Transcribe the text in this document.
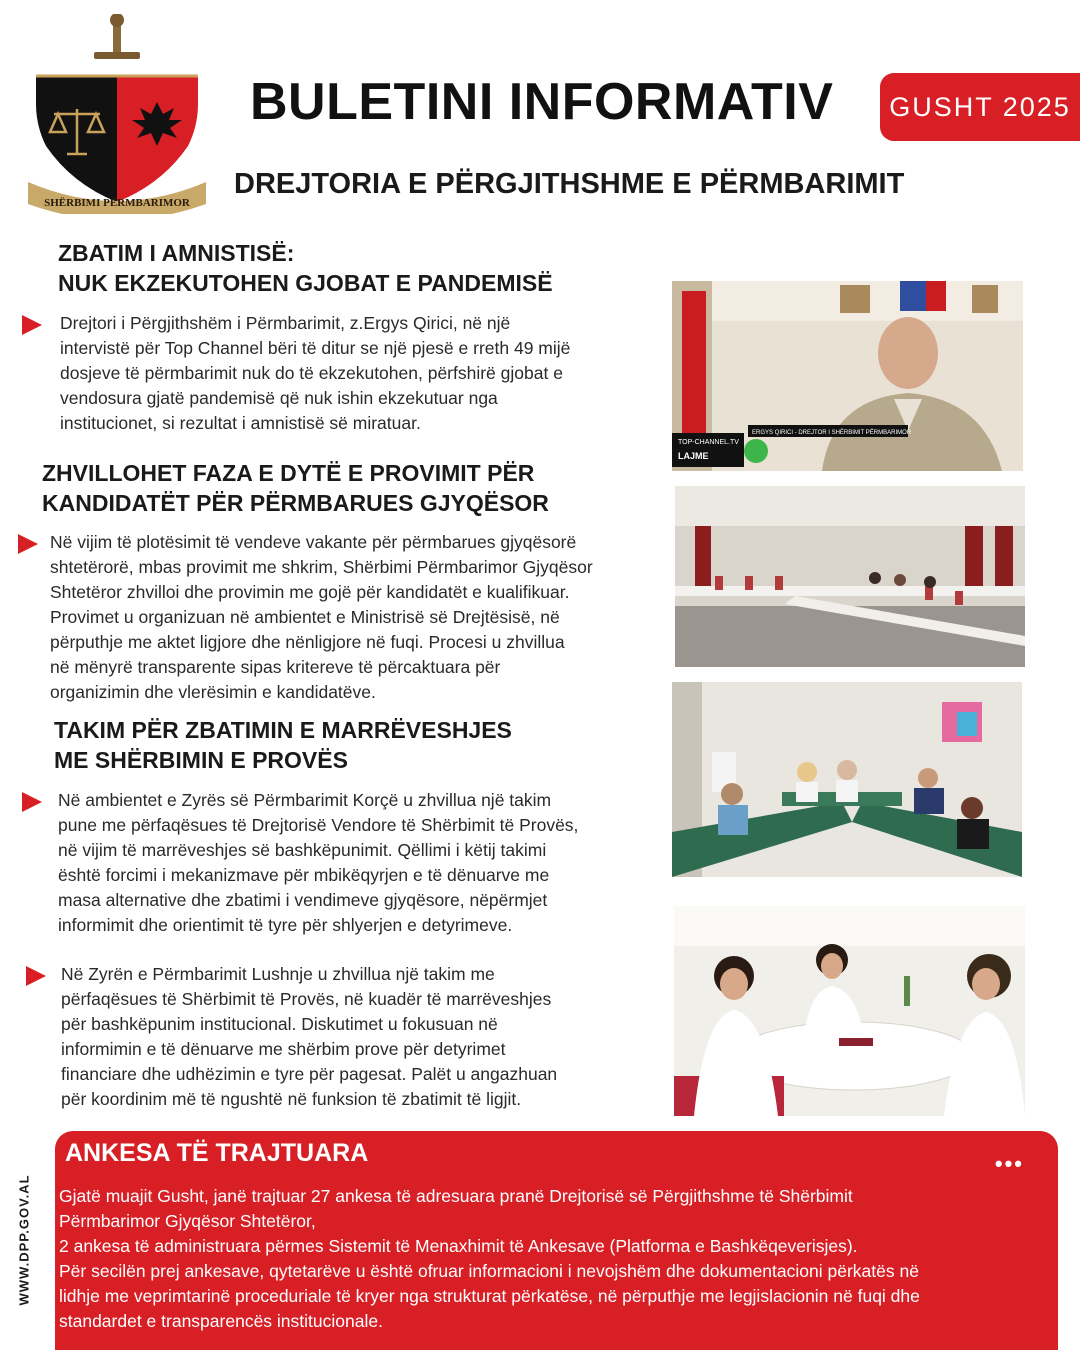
SHËRBIMI PËRMBARIMOR
BULETINI INFORMATIV	GUSHT 2025
DREJTORIA E PËRGJITHSHME E PËRMBARIMIT
ZBATIM I AMNISTISË:
NUK EKZEKUTOHEN GJOBAT E PANDEMISË
Drejtori i Përgjithshëm i Përmbarimit, z.Ergys Qirici, në një
intervistë për Top Channel bëri të ditur se një pjesë e rreth 49 mijë
dosjeve të përmbarimit nuk do të ekzekutohen, përfshirë gjobat e
vendosura gjatë pandemisë që nuk ishin ekzekutuar nga
institucionet, si rezultat i amnistisë së miratuar.
TOP-CHANNEL.TV
LAJME
ERGYS QIRICI - DREJTOR I SHËRBIMIT PËRMBARIMOR
ZHVILLOHET FAZA E DYTË E PROVIMIT PËR
KANDIDATËT PËR PËRMBARUES GJYQËSOR
Në vijim të plotësimit të vendeve vakante për përmbarues gjyqësorë
shtetërorë, mbas provimit me shkrim, Shërbimi Përmbarimor Gjyqësor
Shtetëror zhvilloi dhe provimin me gojë për kandidatët e kualifikuar.
Provimet u organizuan në ambientet e Ministrisë së Drejtësisë, në
përputhje me aktet ligjore dhe nënligjore në fuqi. Procesi u zhvillua
në mënyrë transparente sipas kritereve të përcaktuara për
organizimin dhe vlerësimin e kandidatëve.
TAKIM PËR ZBATIMIN E MARRËVESHJES
ME SHËRBIMIN E PROVËS
Në ambientet e Zyrës së Përmbarimit Korçë u zhvillua një takim
pune me përfaqësues të Drejtorisë Vendore të Shërbimit të Provës,
në vijim të marrëveshjes së bashkëpunimit. Qëllimi i këtij takimi
është forcimi i mekanizmave për mbikëqyrjen e të dënuarve me
masa alternative dhe zbatimi i vendimeve gjyqësore, nëpërmjet
informimit dhe orientimit të tyre për shlyerjen e detyrimeve.
Në Zyrën e Përmbarimit Lushnje u zhvillua një takim me
përfaqësues të Shërbimit të Provës, në kuadër të marrëveshjes
për bashkëpunim institucional. Diskutimet u fokusuan në
informimin e të dënuarve me shërbim prove për detyrimet
financiare dhe udhëzimin e tyre për pagesat. Palët u angazhuan
për koordinim më të ngushtë në funksion të zbatimit të ligjit.
WWW.DPP.GOV.AL
ANKESA TË TRAJTUARA	•••

Gjatë muajit Gusht, janë trajtuar 27 ankesa të adresuara pranë Drejtorisë së Përgjithshme të Shërbimit

Përmbarimor Gjyqësor Shtetëror,

2 ankesa të administruara përmes Sistemit të Menaxhimit të Ankesave (Platforma e Bashkëqeverisjes).

Për secilën prej ankesave, qytetarëve u është ofruar informacioni i nevojshëm dhe dokumentacioni përkatës në

lidhje me veprimtarinë proceduriale të kryer nga strukturat përkatëse, në përputhje me legjislacionin në fuqi dhe

standardet e transparencës institucionale.
